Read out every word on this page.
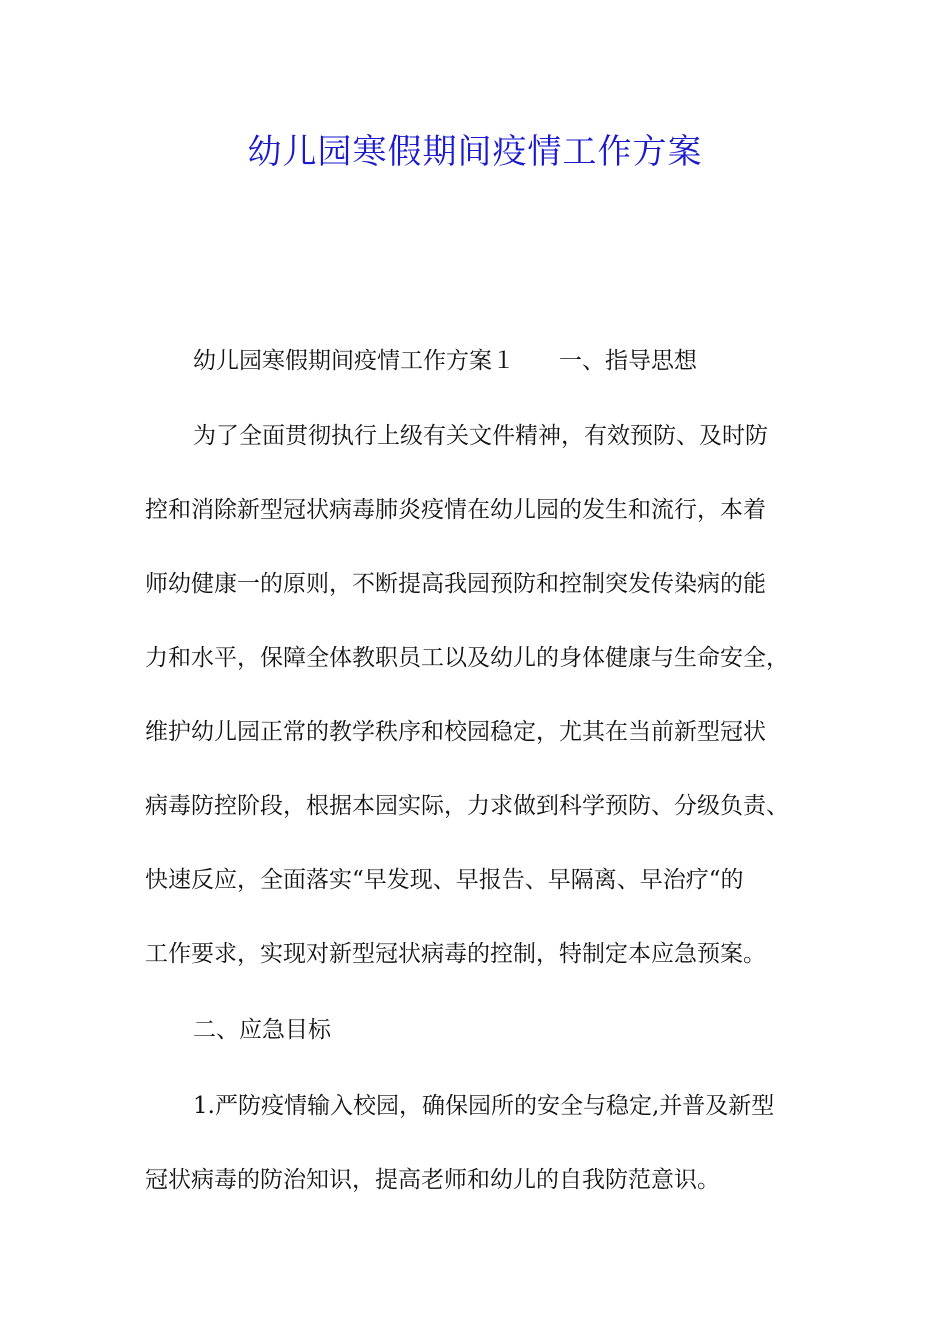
幼儿园寒假期间疫情工作方案

幼儿园寒假期间疫情工作方案１ 一、指导思想

为了全面贯彻执行上级有关文件精神，有效预防、及时防

控和消除新型冠状病毒肺炎疫情在幼儿园的发生和流行，本着

师幼健康一的原则，不断提高我园预防和控制突发传染病的能

力和水平，保障全体教职员工以及幼儿的身体健康与生命安全，

维护幼儿园正常的教学秩序和校园稳定，尤其在当前新型冠状

病毒防控阶段，根据本园实际，力求做到科学预防、分级负责、

快速反应，全面落实“早发现、早报告、早隔离、早治疗“的

工作要求，实现对新型冠状病毒的控制，特制定本应急预案。

二、应急目标

1.严防疫情输入校园，确保园所的安全与稳定,并普及新型

冠状病毒的防治知识，提高老师和幼儿的自我防范意识。
